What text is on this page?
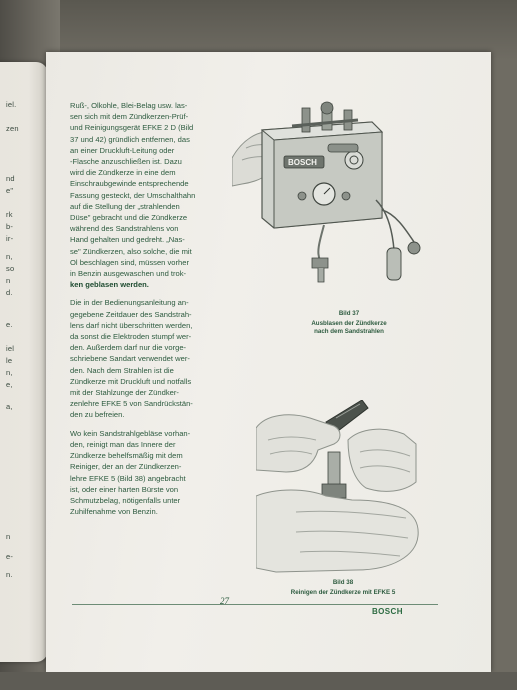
iel.
zen
nd
e"
rk
b-
ir-
n,
so
n
d.
e.
iel
le
n,
e,
a,
n
e-
n.

Ruß-, Olkohle, Blei-Belag usw. las-
sen sich mit dem Zündkerzen-Prüf-
und Reinigungsgerät EFKE 2 D (Bild
37 und 42) gründlich entfernen, das
an einer Druckluft-Leitung oder
-Flasche anzuschließen ist. Dazu
wird die Zündkerze in eine dem
Einschraubgewinde entsprechende
Fassung gesteckt, der Umschalthahn
auf die Stellung der „strahlenden
Düse" gebracht und die Zündkerze
während des Sandstrahlens von
Hand gehalten und gedreht. „Nas-
se" Zündkerzen, also solche, die mit
Ol beschlagen sind, müssen vorher
in Benzin ausgewaschen und trok-
ken geblasen werden.

Die in der Bedienungsanleitung an-
gegebene Zeitdauer des Sandstrah-
lens darf nicht überschritten werden,
da sonst die Elektroden stumpf wer-
den. Außerdem darf nur die vorge-
schriebene Sandart verwendet wer-
den. Nach dem Strahlen ist die
Zündkerze mit Druckluft und notfalls
mit der Stahlzunge der Zündker-
zenlehre EFKE 5 von Sandrückstän-
den zu befreien.

Wo kein Sandstrahlgebläse vorhan-
den, reinigt man das Innere der
Zündkerze behelfsmäßig mit dem
Reiniger, der an der Zündkerzen-
lehre EFKE 5 (Bild 38) angebracht
ist, oder einer harten Bürste von
Schmutzbelag, nötigenfalls unter
Zuhilfenahme von Benzin.

BOSCH
Bild 37
Ausblasen der Zündkerze
nach dem Sandstrahlen
Bild 38
Reinigen der Zündkerze mit EFKE 5
27
BOSCH
